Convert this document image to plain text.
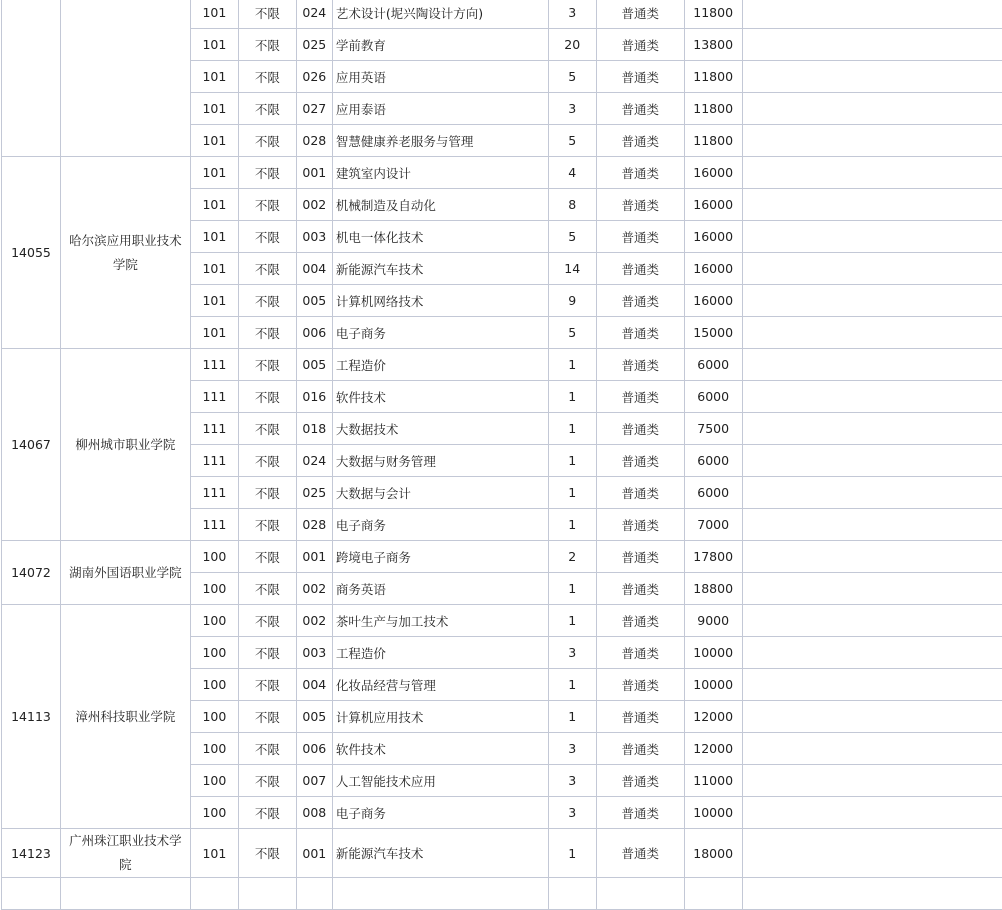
		101	不限	024	艺术设计(坭兴陶设计方向)	3	普通类	11800	
		101	不限	025	学前教育	20	普通类	13800	
		101	不限	026	应用英语	5	普通类	11800	
		101	不限	027	应用泰语	3	普通类	11800	
		101	不限	028	智慧健康养老服务与管理	5	普通类	11800	
14055	哈尔滨应用职业技术学院	101	不限	001	建筑室内设计	4	普通类	16000	
		101	不限	002	机械制造及自动化	8	普通类	16000	
		101	不限	003	机电一体化技术	5	普通类	16000	
		101	不限	004	新能源汽车技术	14	普通类	16000	
		101	不限	005	计算机网络技术	9	普通类	16000	
		101	不限	006	电子商务	5	普通类	15000	
14067	柳州城市职业学院	111	不限	005	工程造价	1	普通类	6000	
		111	不限	016	软件技术	1	普通类	6000	
		111	不限	018	大数据技术	1	普通类	7500	
		111	不限	024	大数据与财务管理	1	普通类	6000	
		111	不限	025	大数据与会计	1	普通类	6000	
		111	不限	028	电子商务	1	普通类	7000	
14072	湖南外国语职业学院	100	不限	001	跨境电子商务	2	普通类	17800	
		100	不限	002	商务英语	1	普通类	18800	
14113	漳州科技职业学院	100	不限	002	茶叶生产与加工技术	1	普通类	9000	
		100	不限	003	工程造价	3	普通类	10000	
		100	不限	004	化妆品经营与管理	1	普通类	10000	
		100	不限	005	计算机应用技术	1	普通类	12000	
		100	不限	006	软件技术	3	普通类	12000	
		100	不限	007	人工智能技术应用	3	普通类	11000	
		100	不限	008	电子商务	3	普通类	10000	
14123	广州珠江职业技术学院	101	不限	001	新能源汽车技术	1	普通类	18000	
